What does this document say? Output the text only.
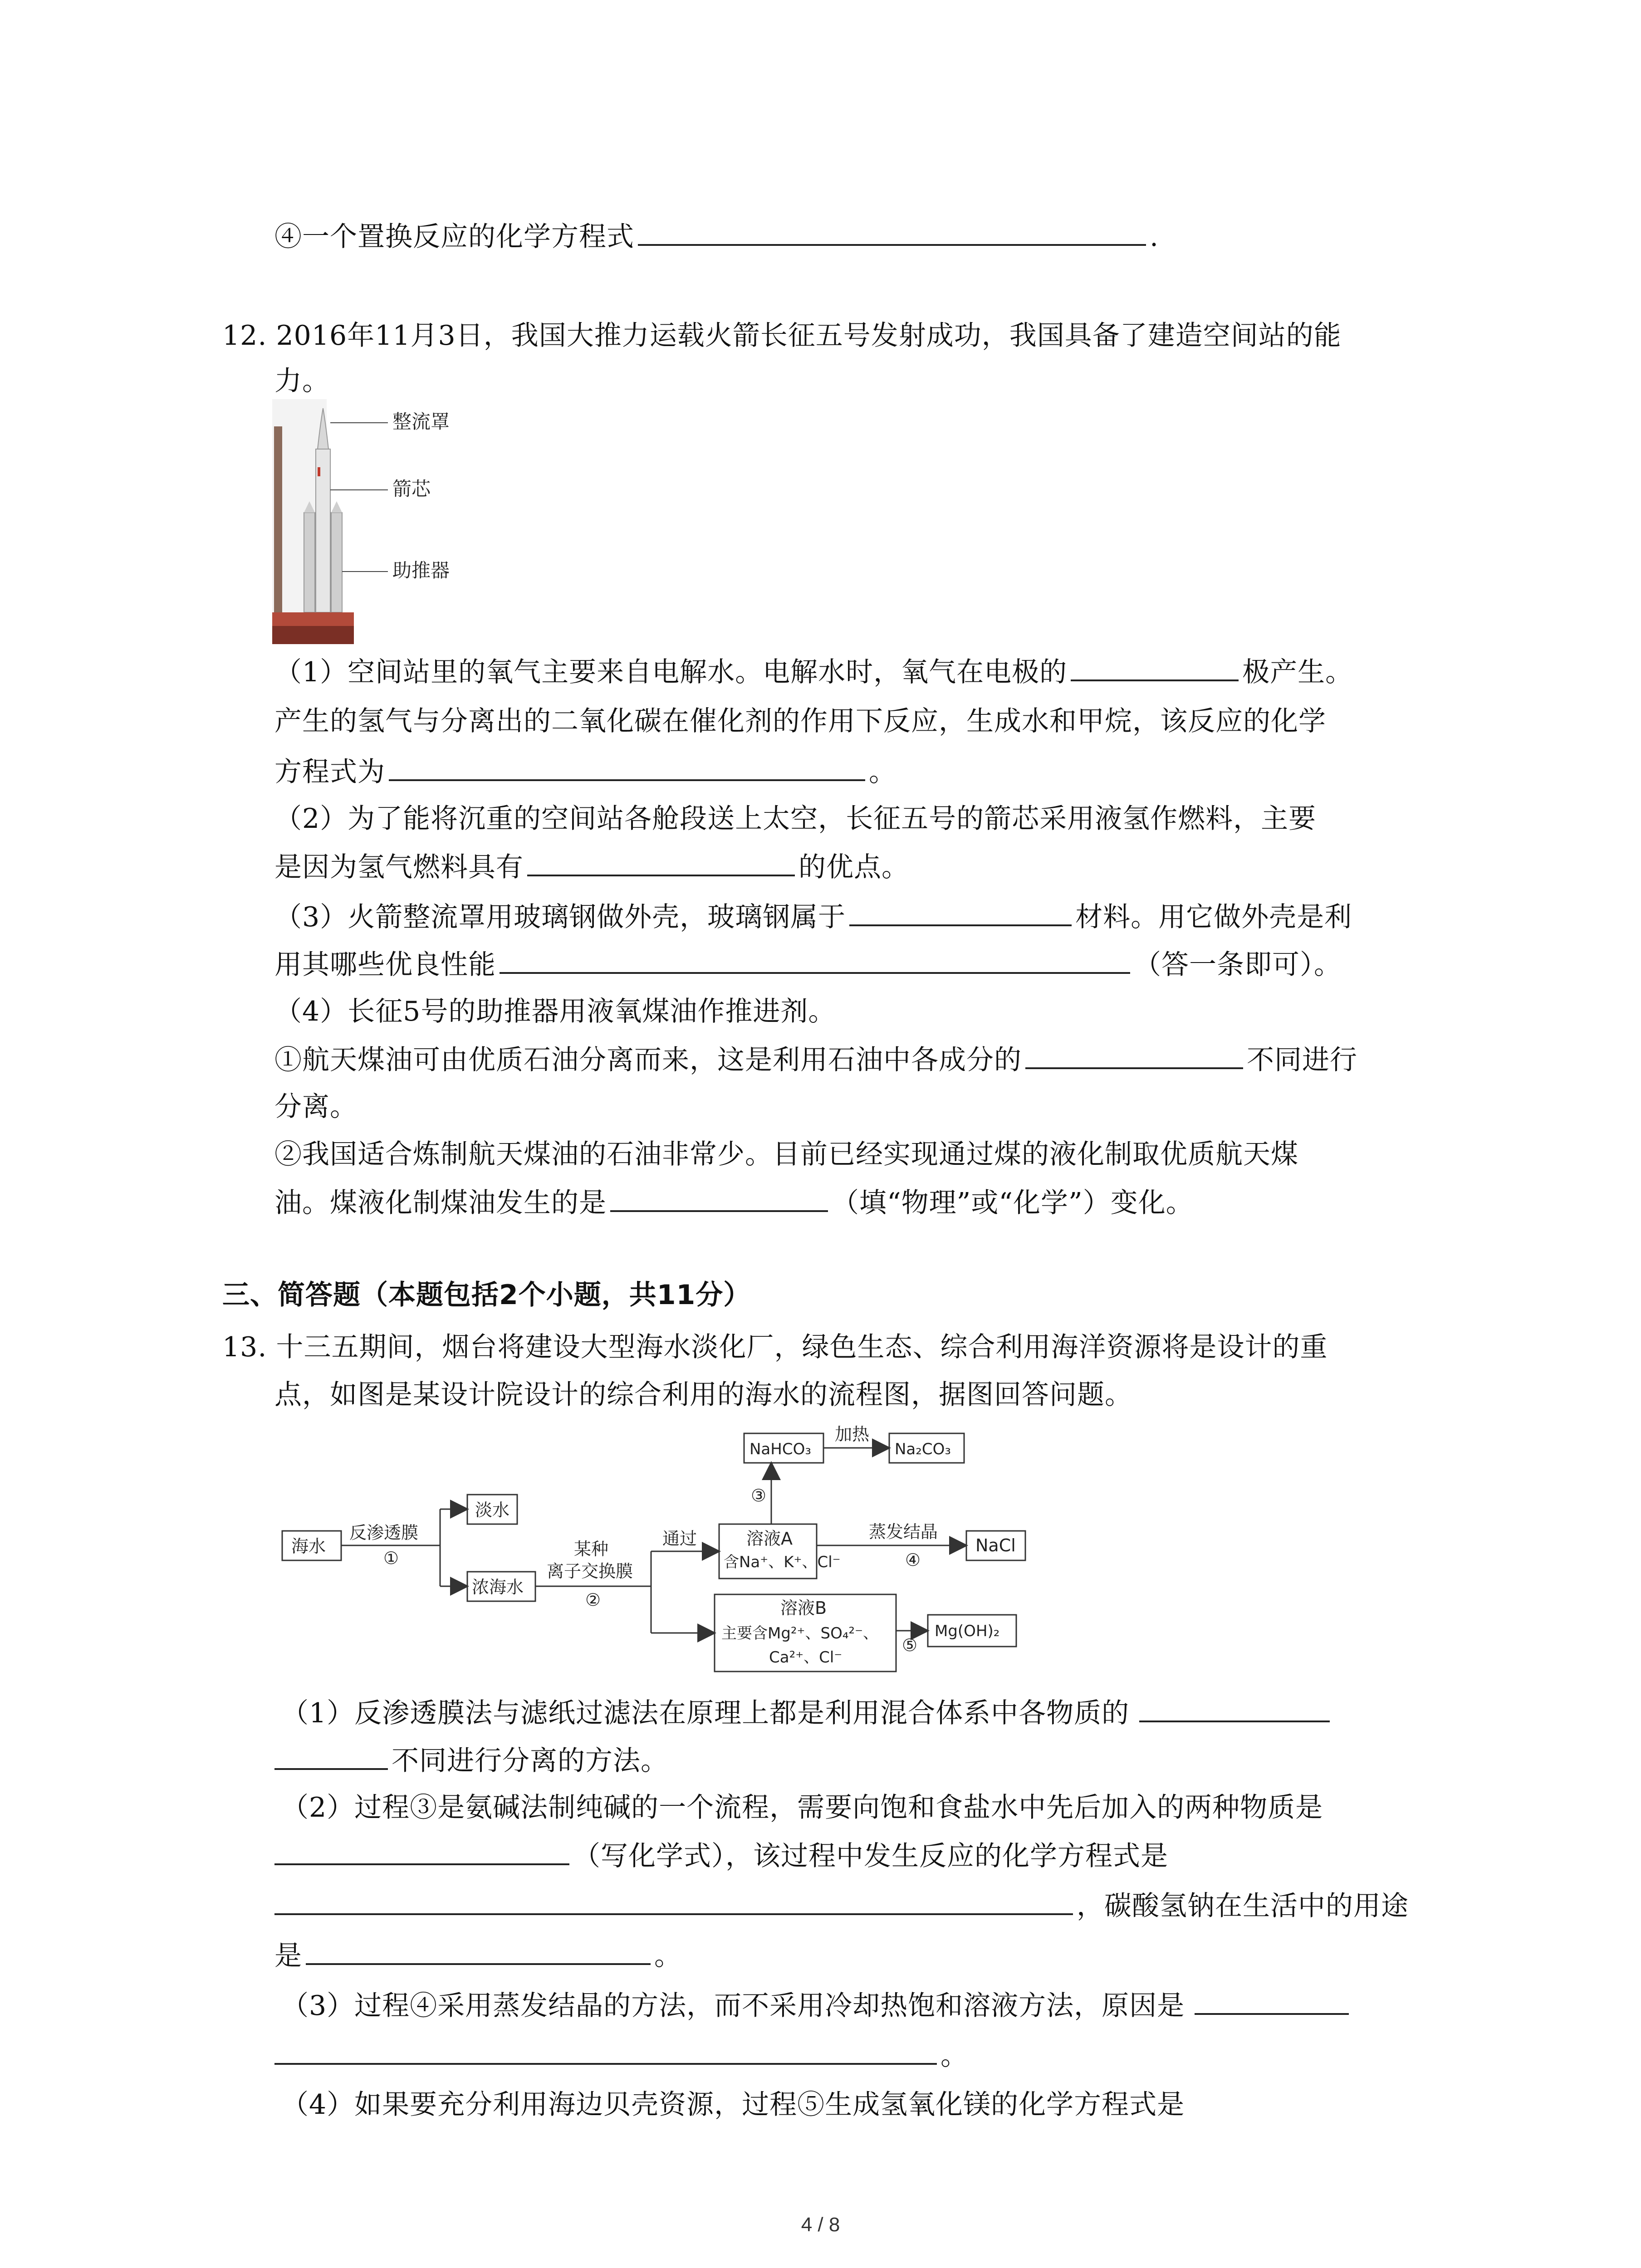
④一个置换反应的化学方程式	.
12. 2016年11月3日，我国大推力运载火箭长征五号发射成功，我国具备了建造空间站的能
力。
整流罩
箭芯
助推器
（1）空间站里的氧气主要来自电解水。电解水时，氧气在电极的	极产生。
产生的氢气与分离出的二氧化碳在催化剂的作用下反应，生成水和甲烷，该反应的化学
方程式为	。
（2）为了能将沉重的空间站各舱段送上太空，长征五号的箭芯采用液氢作燃料，主要
是因为氢气燃料具有	的优点。
（3）火箭整流罩用玻璃钢做外壳，玻璃钢属于	材料。用它做外壳是利
用其哪些优良性能	（答一条即可）。
（4）长征5号的助推器用液氧煤油作推进剂。
①航天煤油可由优质石油分离而来，这是利用石油中各成分的	不同进行
分离。
②我国适合炼制航天煤油的石油非常少。目前已经实现通过煤的液化制取优质航天煤
油。煤液化制煤油发生的是	（填“物理”或“化学”）变化。
三、简答题（本题包括2个小题，共11分）
13. 十三五期间，烟台将建设大型海水淡化厂，绿色生态、综合利用海洋资源将是设计的重
点，如图是某设计院设计的综合利用的海水的流程图，据图回答问题。
海水
反渗透膜
①
淡水
浓海水
某种
离子交换膜
②
通过	溶液A
含Na⁺、K⁺、Cl⁻
③
NaHCO₃
加热
Na₂CO₃
蒸发结晶
④
NaCl
溶液B
主要含Mg²⁺、SO₄²⁻、
Ca²⁺、Cl⁻
⑤
Mg(OH)₂
（1）反渗透膜法与滤纸过滤法在原理上都是利用混合体系中各物质的
不同进行分离的方法。
（2）过程③是氨碱法制纯碱的一个流程，需要向饱和食盐水中先后加入的两种物质是
（写化学式），该过程中发生反应的化学方程式是
，碳酸氢钠在生活中的用途
是	。
（3）过程④采用蒸发结晶的方法，而不采用冷却热饱和溶液方法，原因是
。
（4）如果要充分利用海边贝壳资源，过程⑤生成氢氧化镁的化学方程式是
4 / 8
